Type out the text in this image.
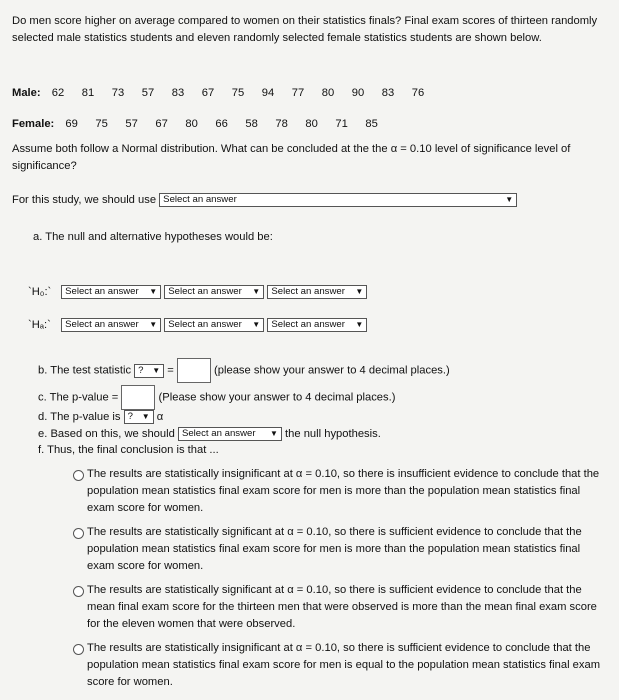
Do men score higher on average compared to women on their statistics finals? Final exam scores of thirteen randomly selected male statistics students and eleven randomly selected female statistics students are shown below.
Male: 62 81 73 57 83 67 75 94 77 80 90 83 76
Female: 69 75 57 67 80 66 58 78 80 71 85
Assume both follow a Normal distribution. What can be concluded at the the α = 0.10 level of significance level of significance?
For this study, we should use Select an answer	▼
a. The null and alternative hypotheses would be:
`H₀:` Select an answer ▼ Select an answer ▼ Select an answer ▼
`Hₐ:` Select an answer ▼ Select an answer ▼ Select an answer ▼
b. The test statistic ? ▼ =	(please show your answer to 4 decimal places.)
c. The p-value =	(Please show your answer to 4 decimal places.)
d. The p-value is ? ▼ α
e. Based on this, we should Select an answer ▼ the null hypothesis.
f. Thus, the final conclusion is that ...
The results are statistically insignificant at α = 0.10, so there is insufficient evidence to conclude that the population mean statistics final exam score for men is more than the population mean statistics final exam score for women.
The results are statistically significant at α = 0.10, so there is sufficient evidence to conclude that the population mean statistics final exam score for men is more than the population mean statistics final exam score for women.
The results are statistically significant at α = 0.10, so there is sufficient evidence to conclude that the mean final exam score for the thirteen men that were observed is more than the mean final exam score for the eleven women that were observed.
The results are statistically insignificant at α = 0.10, so there is sufficient evidence to conclude that the population mean statistics final exam score for men is equal to the population mean statistics final exam score for women.
